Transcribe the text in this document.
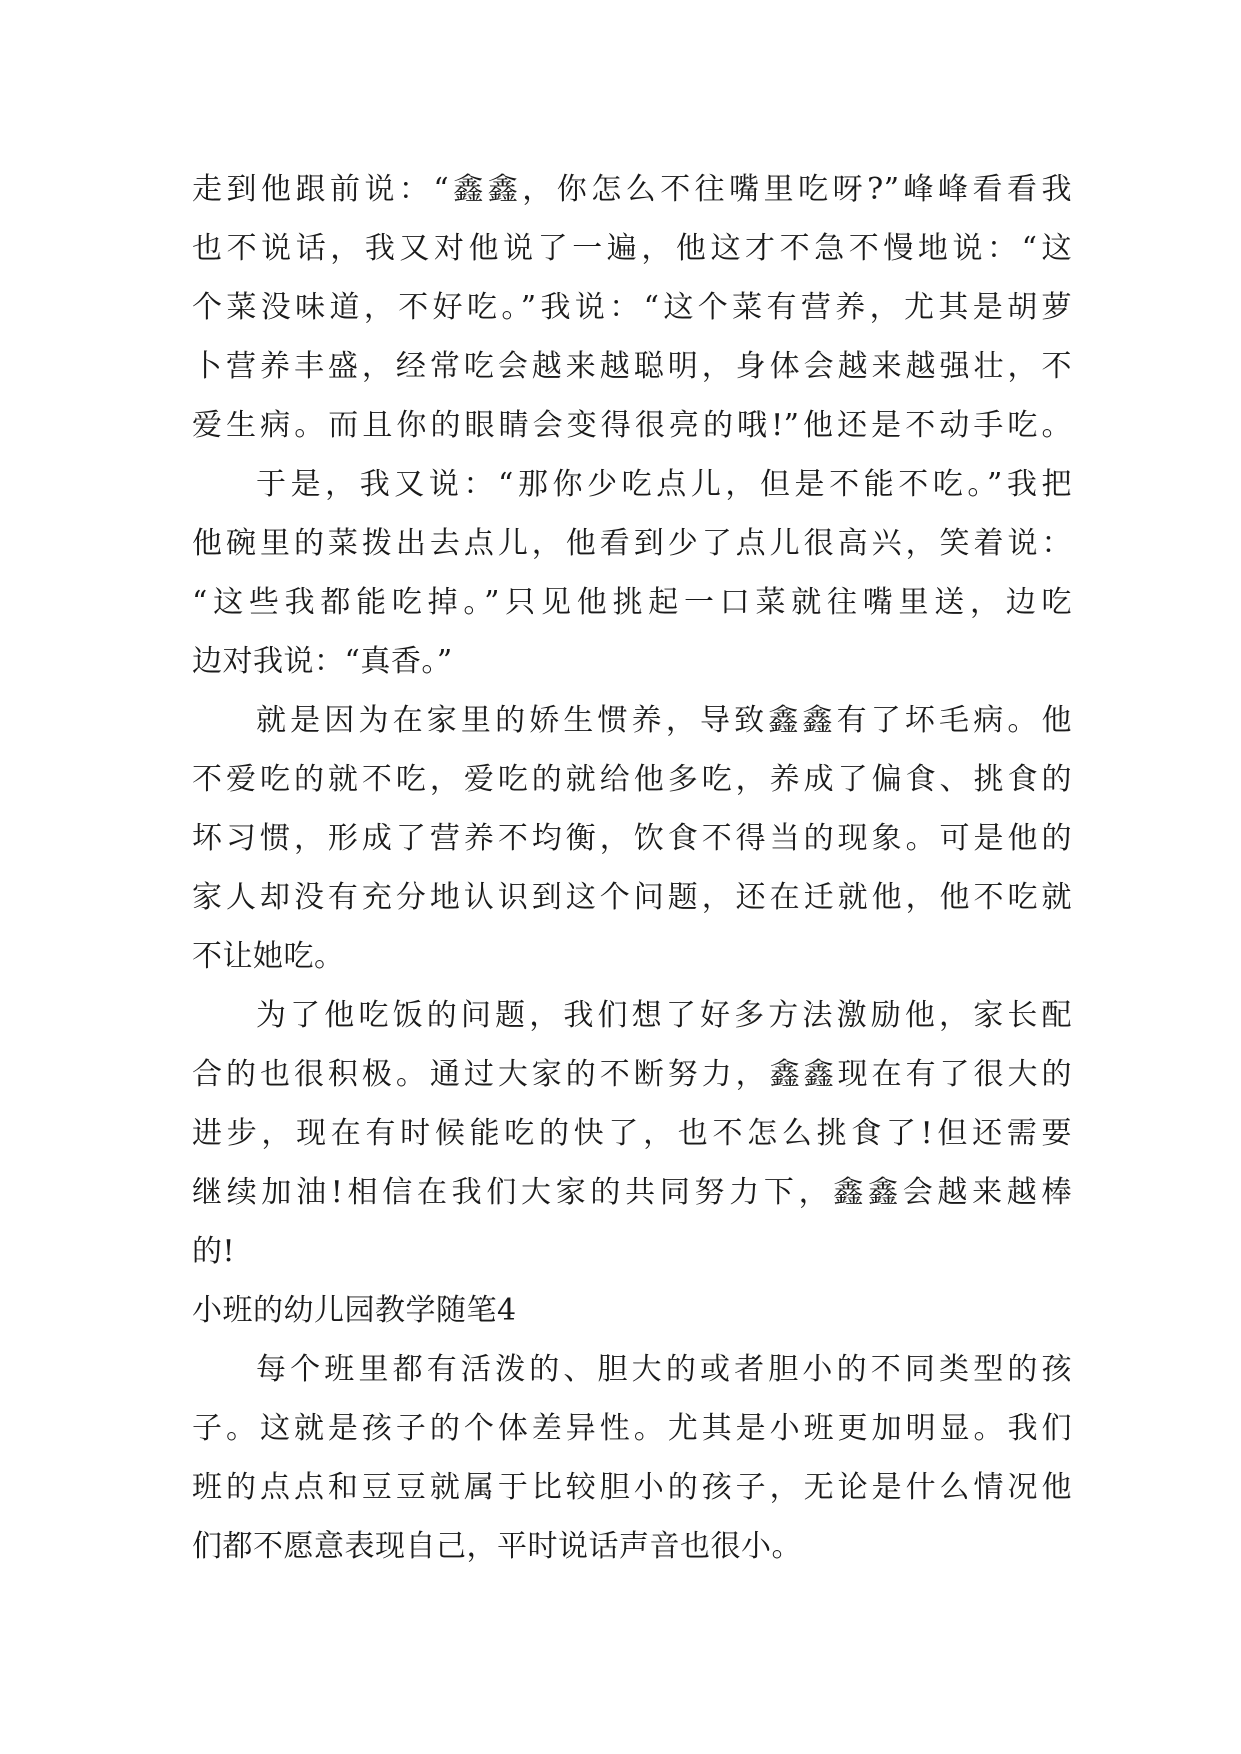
走到他跟前说：“鑫鑫，你怎么不往嘴里吃呀?”峰峰看看我
也不说话，我又对他说了一遍，他这才不急不慢地说：“这
个菜没味道，不好吃。”我说：“这个菜有营养，尤其是胡萝
卜营养丰盛，经常吃会越来越聪明，身体会越来越强壮，不
爱生病。而且你的眼睛会变得很亮的哦!”他还是不动手吃。
于是，我又说：“那你少吃点儿，但是不能不吃。”我把
他碗里的菜拨出去点儿，他看到少了点儿很高兴，笑着说：
“这些我都能吃掉。”只见他挑起一口菜就往嘴里送，边吃
边对我说：“真香。”
就是因为在家里的娇生惯养，导致鑫鑫有了坏毛病。他
不爱吃的就不吃，爱吃的就给他多吃，养成了偏食、挑食的
坏习惯，形成了营养不均衡，饮食不得当的现象。可是他的
家人却没有充分地认识到这个问题，还在迁就他，他不吃就
不让她吃。
为了他吃饭的问题，我们想了好多方法激励他，家长配
合的也很积极。通过大家的不断努力，鑫鑫现在有了很大的
进步，现在有时候能吃的快了，也不怎么挑食了!但还需要
继续加油!相信在我们大家的共同努力下，鑫鑫会越来越棒
的!
小班的幼儿园教学随笔4
每个班里都有活泼的、胆大的或者胆小的不同类型的孩
子。这就是孩子的个体差异性。尤其是小班更加明显。我们
班的点点和豆豆就属于比较胆小的孩子，无论是什么情况他
们都不愿意表现自己，平时说话声音也很小。
